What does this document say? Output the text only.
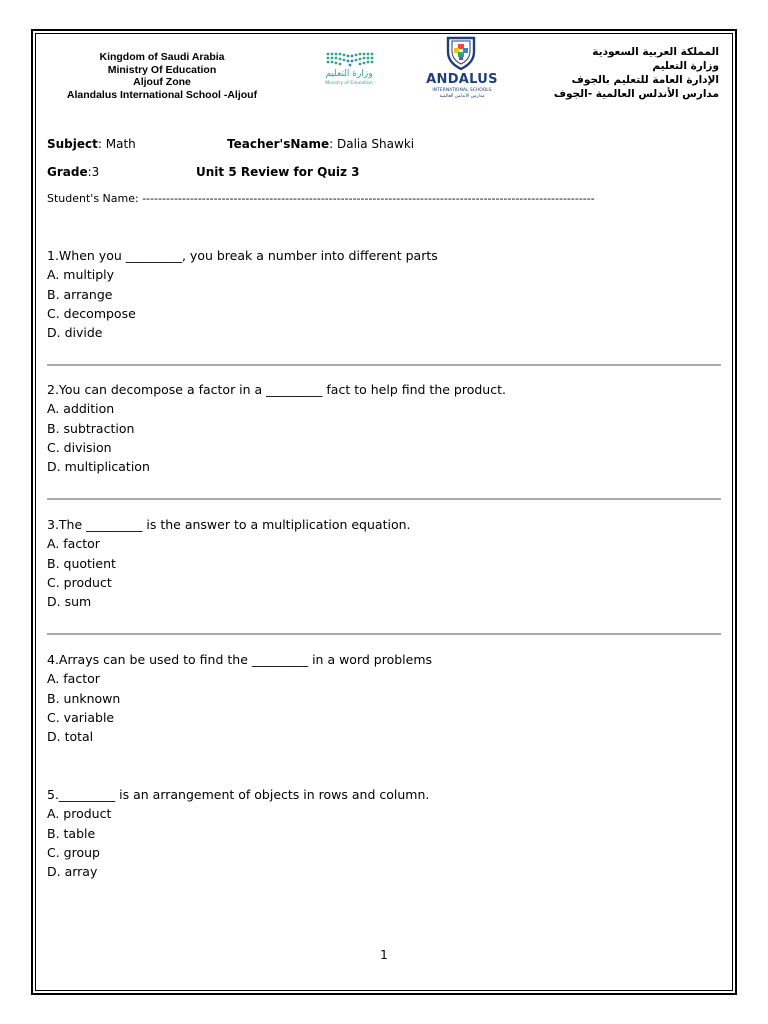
Kingdom of Saudi Arabia
Ministry Of Education
Aljouf Zone
Alandalus International School -Aljouf
وزارة التعليم
Ministry of Education	ANDALUS
INTERNATIONAL SCHOOLS
مدارس الأندلس العالمية
المملكة العربية السعودية
وزارة التعليم
الإدارة العامة للتعليم بالجوف
مدارس الأندلس العالمية -الجوف
Subject: Math	Teacher'sName: Dalia Shawki
Grade:3	Unit 5 Review for Quiz 3
Student's Name: ------------------------------------------------------------------------------------------------------------------
1.When you _________, you break a number into different parts
A. multiply
B. arrange
C. decompose
D. divide
2.You can decompose a factor in a _________ fact to help find the product.
A. addition
B. subtraction
C. division
D. multiplication
3.The _________ is the answer to a multiplication equation.
A. factor
B. quotient
C. product
D. sum
4.Arrays can be used to find the _________ in a word problems
A. factor
B. unknown
C. variable
D. total
5._________ is an arrangement of objects in rows and column.
A. product
B. table
C. group
D. array
1
